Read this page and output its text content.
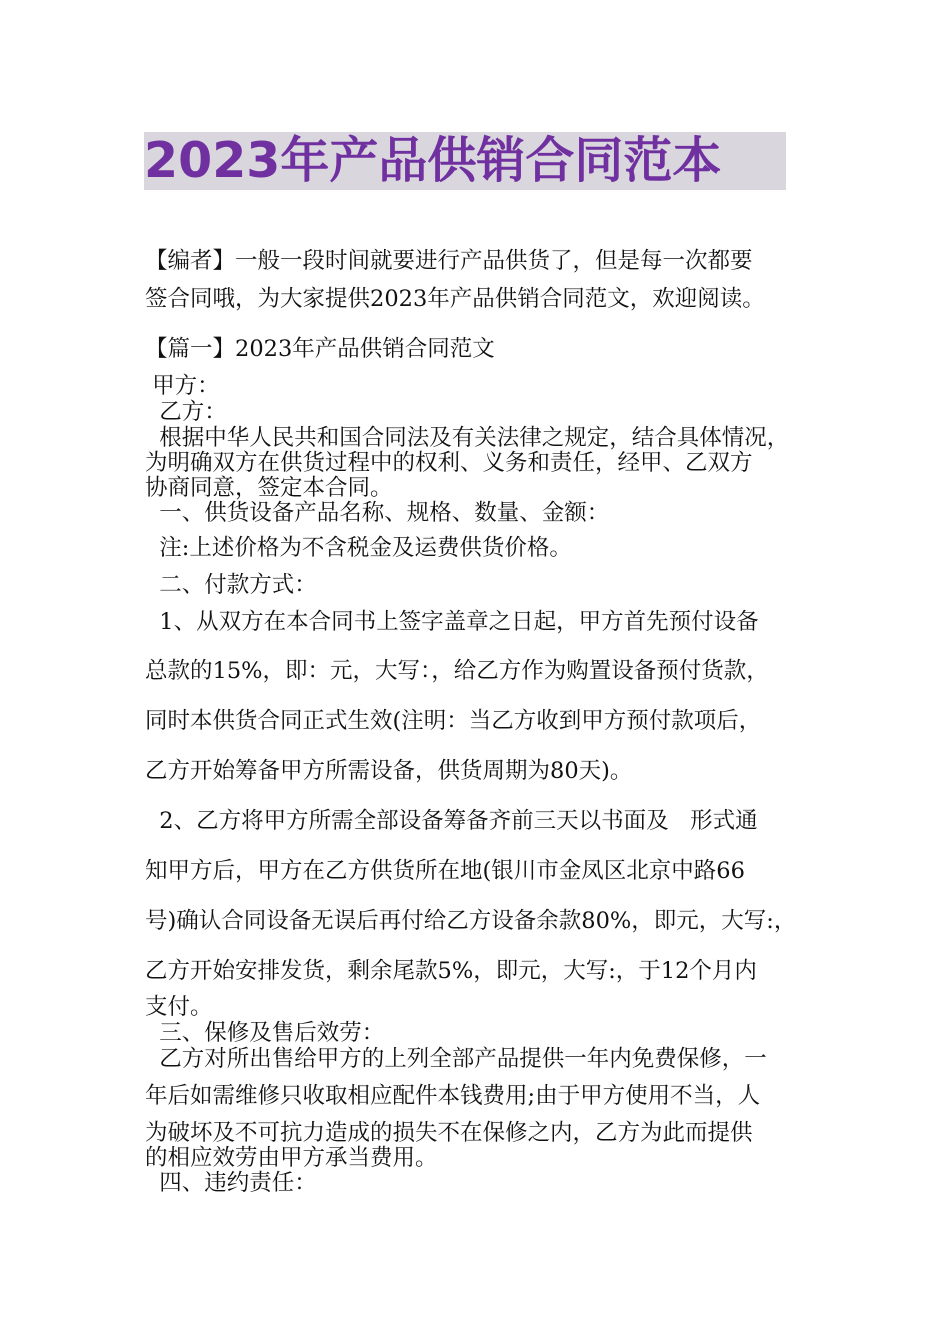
2023年产品供销合同范本
【编者】一般一段时间就要进行产品供货了，但是每一次都要
签合同哦，为大家提供2023年产品供销合同范文，欢迎阅读。
【篇一】2023年产品供销合同范文
甲方：
乙方：
根据中华人民共和国合同法及有关法律之规定，结合具体情况，
为明确双方在供货过程中的权利、义务和责任，经甲、乙双方
协商同意，签定本合同。
一、供货设备产品名称、规格、数量、金额：
注:上述价格为不含税金及运费供货价格。
二、付款方式：
1、从双方在本合同书上签字盖章之日起，甲方首先预付设备
总款的15%，即：元，大写：，给乙方作为购置设备预付货款，
同时本供货合同正式生效(注明：当乙方收到甲方预付款项后，
乙方开始筹备甲方所需设备，供货周期为80天)。
2、乙方将甲方所需全部设备筹备齐前三天以书面及   形式通
知甲方后，甲方在乙方供货所在地(银川市金凤区北京中路66
号)确认合同设备无误后再付给乙方设备余款80%，即元，大写:，
乙方开始安排发货，剩余尾款5%，即元，大写:，于12个月内
支付。
三、保修及售后效劳：
乙方对所出售给甲方的上列全部产品提供一年内免费保修，一
年后如需维修只收取相应配件本钱费用;由于甲方使用不当，人
为破坏及不可抗力造成的损失不在保修之内，乙方为此而提供
的相应效劳由甲方承当费用。
四、违约责任：
